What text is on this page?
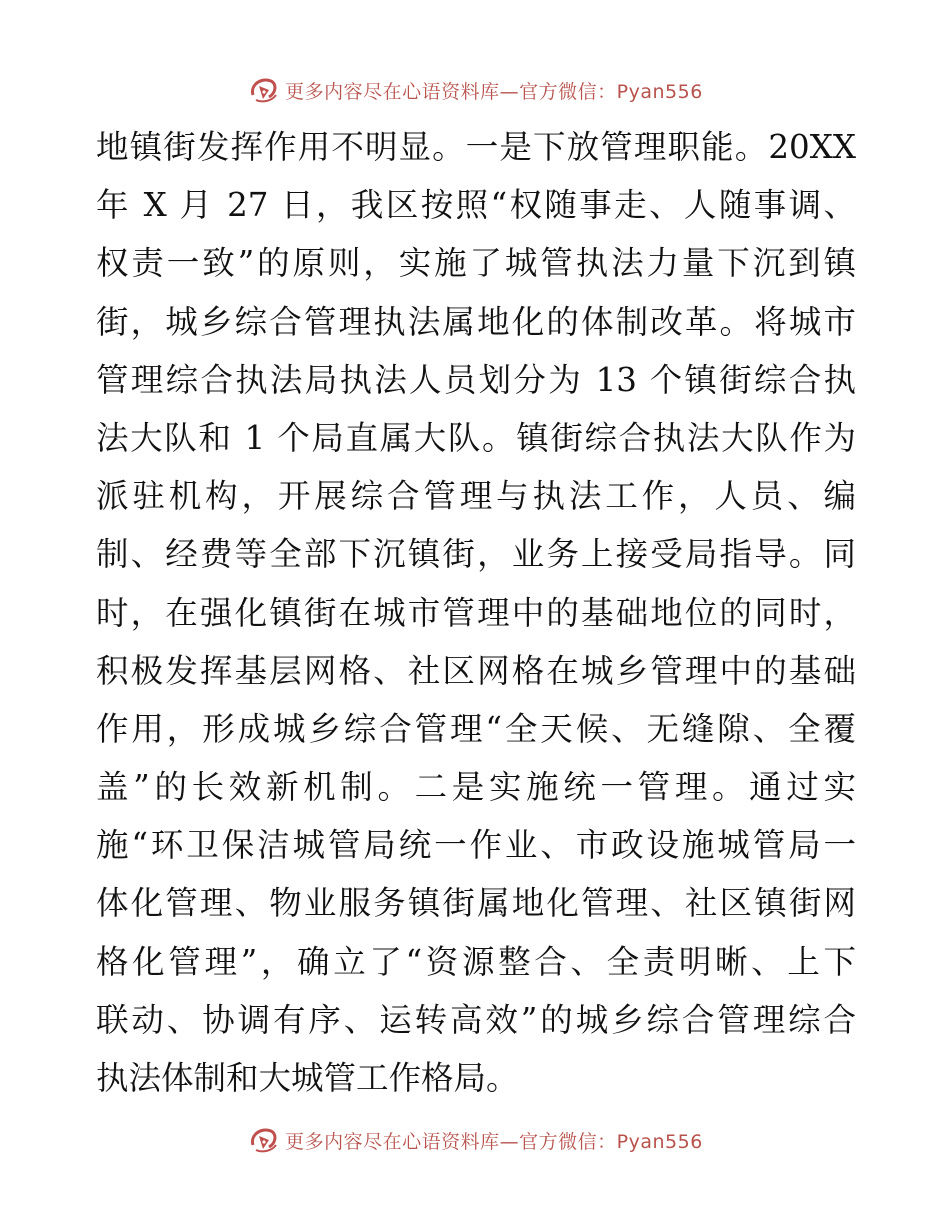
更多内容尽在心语资料库—官方微信：Pyan556
地镇街发挥作用不明显。一是下放管理职能。20XX
年 X 月 27 日，我区按照“权随事走、人随事调、
权责一致”的原则，实施了城管执法力量下沉到镇
街，城乡综合管理执法属地化的体制改革。将城市
管理综合执法局执法人员划分为 13 个镇街综合执
法大队和 1 个局直属大队。镇街综合执法大队作为
派驻机构，开展综合管理与执法工作，人员、编
制、经费等全部下沉镇街，业务上接受局指导。同
时，在强化镇街在城市管理中的基础地位的同时，
积极发挥基层网格、社区网格在城乡管理中的基础
作用，形成城乡综合管理“全天候、无缝隙、全覆
盖”的长效新机制。二是实施统一管理。通过实
施“环卫保洁城管局统一作业、市政设施城管局一
体化管理、物业服务镇街属地化管理、社区镇街网
格化管理”，确立了“资源整合、全责明晰、上下
联动、协调有序、运转高效”的城乡综合管理综合
执法体制和大城管工作格局。
更多内容尽在心语资料库—官方微信：Pyan556
